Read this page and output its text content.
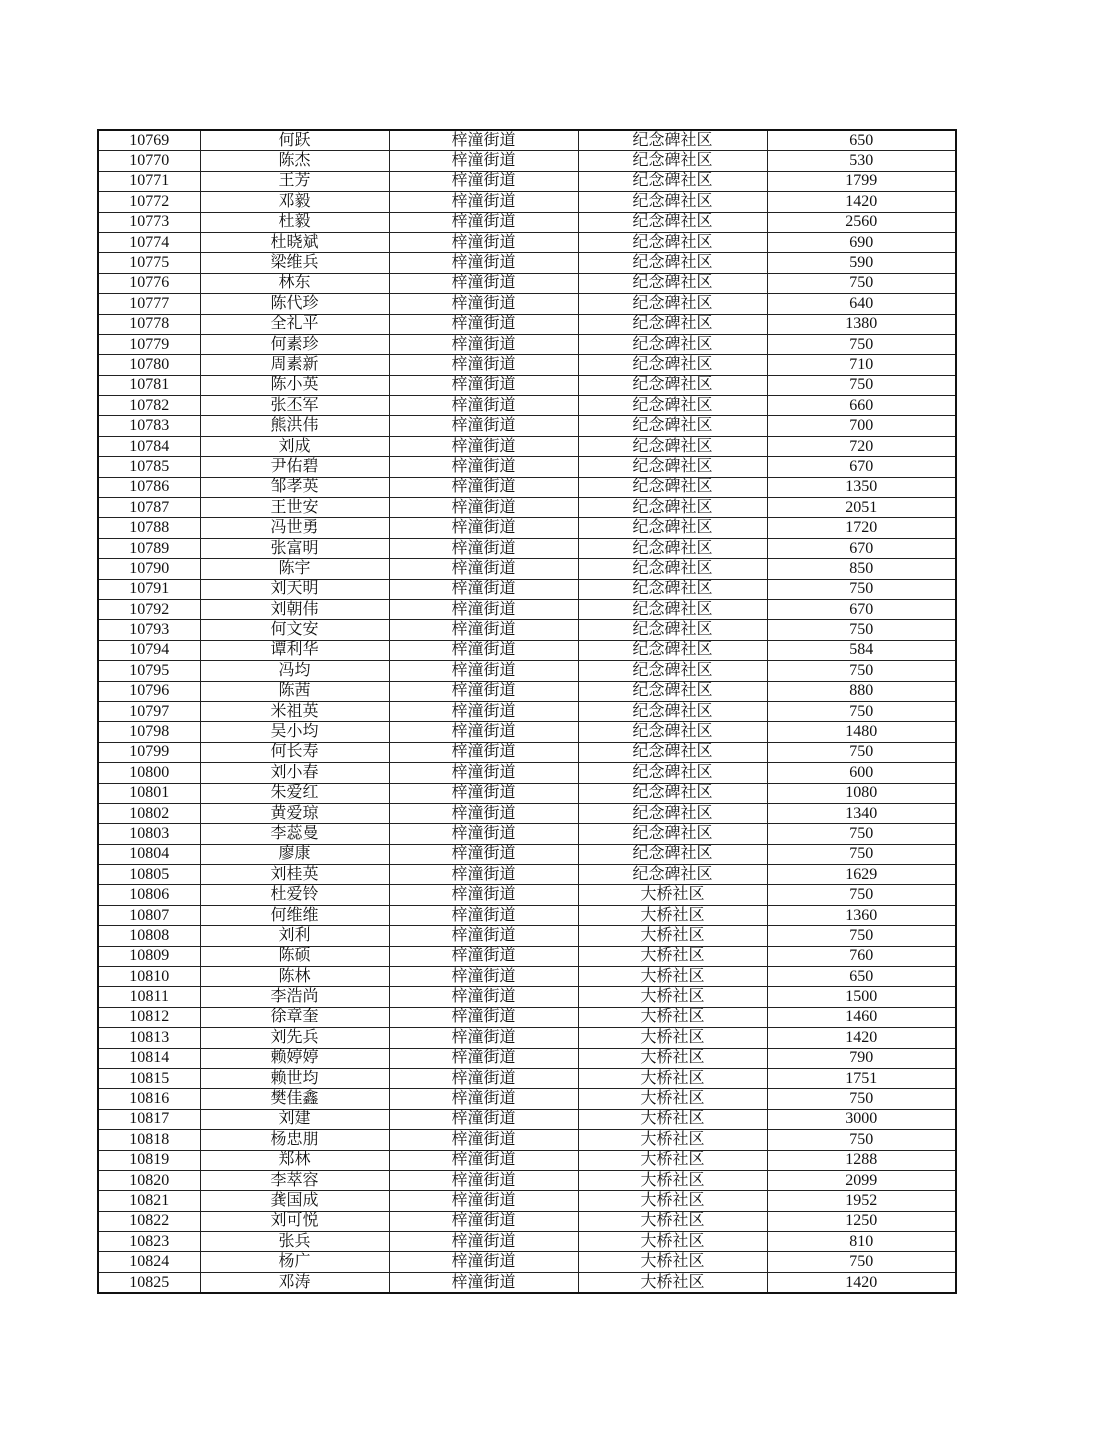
10769	何跃	梓潼街道	纪念碑社区	650
10770	陈杰	梓潼街道	纪念碑社区	530
10771	王芳	梓潼街道	纪念碑社区	1799
10772	邓毅	梓潼街道	纪念碑社区	1420
10773	杜毅	梓潼街道	纪念碑社区	2560
10774	杜晓斌	梓潼街道	纪念碑社区	690
10775	梁维兵	梓潼街道	纪念碑社区	590
10776	林东	梓潼街道	纪念碑社区	750
10777	陈代珍	梓潼街道	纪念碑社区	640
10778	全礼平	梓潼街道	纪念碑社区	1380
10779	何素珍	梓潼街道	纪念碑社区	750
10780	周素新	梓潼街道	纪念碑社区	710
10781	陈小英	梓潼街道	纪念碑社区	750
10782	张丕军	梓潼街道	纪念碑社区	660
10783	熊洪伟	梓潼街道	纪念碑社区	700
10784	刘成	梓潼街道	纪念碑社区	720
10785	尹佑碧	梓潼街道	纪念碑社区	670
10786	邹孝英	梓潼街道	纪念碑社区	1350
10787	王世安	梓潼街道	纪念碑社区	2051
10788	冯世勇	梓潼街道	纪念碑社区	1720
10789	张富明	梓潼街道	纪念碑社区	670
10790	陈宇	梓潼街道	纪念碑社区	850
10791	刘天明	梓潼街道	纪念碑社区	750
10792	刘朝伟	梓潼街道	纪念碑社区	670
10793	何文安	梓潼街道	纪念碑社区	750
10794	谭利华	梓潼街道	纪念碑社区	584
10795	冯均	梓潼街道	纪念碑社区	750
10796	陈茜	梓潼街道	纪念碑社区	880
10797	米祖英	梓潼街道	纪念碑社区	750
10798	吴小均	梓潼街道	纪念碑社区	1480
10799	何长寿	梓潼街道	纪念碑社区	750
10800	刘小春	梓潼街道	纪念碑社区	600
10801	朱爱红	梓潼街道	纪念碑社区	1080
10802	黄爱琼	梓潼街道	纪念碑社区	1340
10803	李蕊曼	梓潼街道	纪念碑社区	750
10804	廖康	梓潼街道	纪念碑社区	750
10805	刘桂英	梓潼街道	纪念碑社区	1629
10806	杜爱铃	梓潼街道	大桥社区	750
10807	何维维	梓潼街道	大桥社区	1360
10808	刘利	梓潼街道	大桥社区	750
10809	陈硕	梓潼街道	大桥社区	760
10810	陈林	梓潼街道	大桥社区	650
10811	李浩尚	梓潼街道	大桥社区	1500
10812	徐章奎	梓潼街道	大桥社区	1460
10813	刘先兵	梓潼街道	大桥社区	1420
10814	赖婷婷	梓潼街道	大桥社区	790
10815	赖世均	梓潼街道	大桥社区	1751
10816	樊佳鑫	梓潼街道	大桥社区	750
10817	刘建	梓潼街道	大桥社区	3000
10818	杨忠朋	梓潼街道	大桥社区	750
10819	郑林	梓潼街道	大桥社区	1288
10820	李萃容	梓潼街道	大桥社区	2099
10821	龚国成	梓潼街道	大桥社区	1952
10822	刘可悦	梓潼街道	大桥社区	1250
10823	张兵	梓潼街道	大桥社区	810
10824	杨广	梓潼街道	大桥社区	750
10825	邓涛	梓潼街道	大桥社区	1420
